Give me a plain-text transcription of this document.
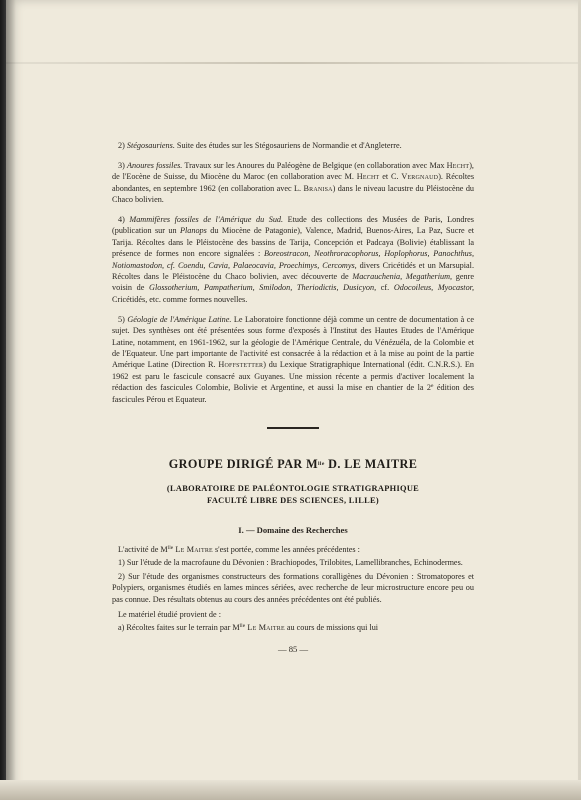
2) Stégosauriens. Suite des études sur les Stégosauriens de Normandie et d'Angleterre.

3) Anoures fossiles. Travaux sur les Anoures du Paléogène de Belgique (en collaboration avec Max Hecht), de l'Eocène de Suisse, du Miocène du Maroc (en collaboration avec M. Hecht et C. Vergnaud). Récoltes abondantes, en septembre 1962 (en collaboration avec L. Branisa) dans le niveau lacustre du Pléistocène du Chaco bolivien.

4) Mammifères fossiles de l'Amérique du Sud. Etude des collections des Musées de Paris, Londres (publication sur un Planops du Miocène de Patagonie), Valence, Madrid, Buenos-Aires, La Paz, Sucre et Tarija. Récoltes dans le Pléistocène des bassins de Tarija, Concepción et Padcaya (Bolivie) établissant la présence de formes non encore signalées : Boreostracon, Neothroracophorus, Hoplophorus, Panochthus, Notiomastodon, cf. Coendu, Cavia, Palaeocavia, Proechimys, Cercomys, divers Cricétidés et un Marsupial. Récoltes dans le Pléistocène du Chaco bolivien, avec découverte de Macrauchenia, Megatherium, genre voisin de Glossotherium, Pampatherium, Smilodon, Theriodictis, Dusicyon, cf. Odocoileus, Myocastor, Cricétidés, etc. comme formes nouvelles.

5) Géologie de l'Amérique Latine. Le Laboratoire fonctionne déjà comme un centre de documentation à ce sujet. Des synthèses ont été présentées sous forme d'exposés à l'Institut des Hautes Etudes de l'Amérique Latine, notamment, en 1961-1962, sur la géologie de l'Amérique Centrale, du Vénézuéla, de la Colombie et de l'Equateur. Une part importante de l'activité est consacrée à la rédaction et à la mise au point de la partie Amérique Latine (Direction R. Hoffstetter) du Lexique Stratigraphique International (édit. C.N.R.S.). En 1962 est paru le fascicule consacré aux Guyanes. Une mission récente a permis d'activer localement la rédaction des fascicules Colombie, Bolivie et Argentine, et aussi la mise en chantier de la 2e édition des fascicules Pérou et Equateur.

GROUPE DIRIGÉ PAR $M^{lle}$ D. LE MAITRE
(LABORATOIRE DE PALÉONTOLOGIE STRATIGRAPHIQUE
FACULTÉ LIBRE DES SCIENCES, LILLE)
I. — Domaine des Recherches

L'activité de $M^{lle}$ Le Maitre s'est portée, comme les années précédentes :

1) Sur l'étude de la macrofaune du Dévonien : Brachiopodes, Trilobites, Lamellibranches, Echinodermes.

2) Sur l'étude des organismes constructeurs des formations coralligènes du Dévonien : Stromatopores et Polypiers, organismes étudiés en lames minces sériées, avec recherche de leur microstructure encore peu ou pas connue. Des résultats obtenus au cours des années précédentes ont été publiés.

Le matériel étudié provient de :

a) Récoltes faites sur le terrain par $M^{lle}$ Le Maitre au cours de missions qui lui

— 85 —
